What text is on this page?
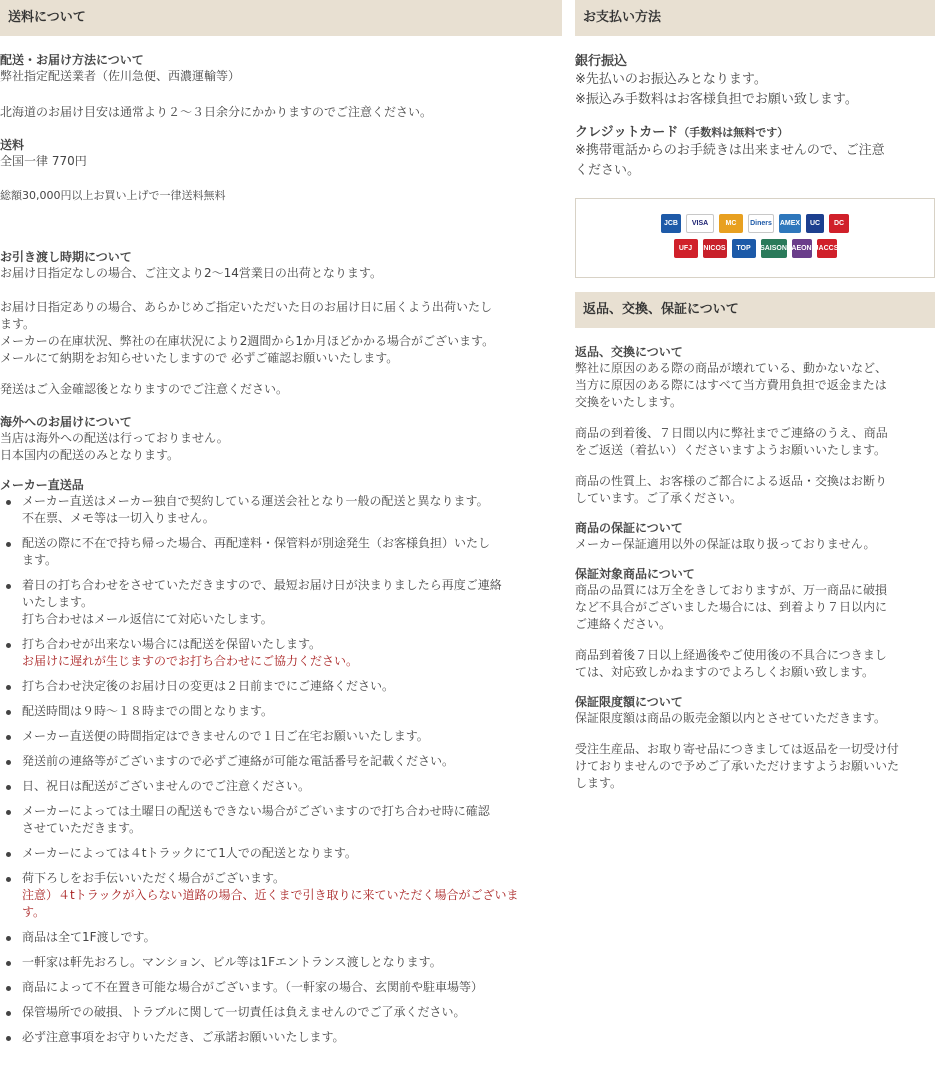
送料について
配送・お届け方法について
弊社指定配送業者（佐川急便、西濃運輸等）
北海道のお届け目安は通常より２〜３日余分にかかりますのでご注意ください。
送料
全国一律 770円
総額30,000円以上お買い上げで一律送料無料
お引き渡し時期について
お届け日指定なしの場合、ご注文より2〜14営業日の出荷となります。
お届け日指定ありの場合、あらかじめご指定いただいた日のお届け日に届くよう出荷いたし
ます。
メーカーの在庫状況、弊社の在庫状況により2週間から1か月ほどかかる場合がございます。
メールにて納期をお知らせいたしますので 必ずご確認お願いいたします。
発送はご入金確認後となりますのでご注意ください。
海外へのお届けについて
当店は海外への配送は行っておりません。
日本国内の配送のみとなります。
メーカー直送品
メーカー直送はメーカー独自で契約している運送会社となり一般の配送と異なります。
不在票、メモ等は一切入りません。
配送の際に不在で持ち帰った場合、再配達料・保管料が別途発生（お客様負担）いたし
ます。
着日の打ち合わせをさせていただきますので、最短お届け日が決まりましたら再度ご連絡
いたします。
打ち合わせはメール返信にて対応いたします。
打ち合わせが出来ない場合には配送を保留いたします。
お届けに遅れが生じますのでお打ち合わせにご協力ください。
打ち合わせ決定後のお届け日の変更は２日前までにご連絡ください。
配送時間は９時〜１８時までの間となります。
メーカー直送便の時間指定はできませんので１日ご在宅お願いいたします。
発送前の連絡等がございますので必ずご連絡が可能な電話番号を記載ください。
日、祝日は配送がございませんのでご注意ください。
メーカーによっては土曜日の配送もできない場合がございますので打ち合わせ時に確認
させていただきます。
メーカーによっては４tトラックにて1人での配送となります。
荷下ろしをお手伝いいただく場合がございます。
注意）４tトラックが入らない道路の場合、近くまで引き取りに来ていただく場合がございま
す。
商品は全て1F渡しです。
一軒家は軒先おろし。マンション、ビル等は1Fエントランス渡しとなります。
商品によって不在置き可能な場合がございます。（一軒家の場合、玄関前や駐車場等）
保管場所での破損、トラブルに関して一切責任は負えませんのでご了承ください。
必ず注意事項をお守りいただき、ご承諾お願いいたします。
お支払い方法
銀行振込
※先払いのお振込みとなります。
※振込み手数料はお客様負担でお願い致します。
クレジットカード（手数料は無料です）
※携帯電話からのお手続きは出来ませんので、ご注意
ください。
JCB	VISA	MC	Diners	AMEX	UC	DC
UFJ	NICOS	TOP	SAISON AEON JACCS
返品、交換、保証について
返品、交換について
弊社に原因のある際の商品が壊れている、動かないなど、
当方に原因のある際にはすべて当方費用負担で返金または
交換をいたします。
商品の到着後、７日間以内に弊社までご連絡のうえ、商品
をご返送（着払い）くださいますようお願いいたします。
商品の性質上、お客様のご都合による返品・交換はお断り
しています。ご了承ください。
商品の保証について
メーカー保証適用以外の保証は取り扱っておりません。
保証対象商品について
商品の品質には万全をきしておりますが、万一商品に破損
など不具合がございました場合には、到着より７日以内に
ご連絡ください。
商品到着後７日以上経過後やご使用後の不具合につきまし
ては、対応致しかねますのでよろしくお願い致します。
保証限度額について
保証限度額は商品の販売金額以内とさせていただきます。
受注生産品、お取り寄せ品につきましては返品を一切受け付
けておりませんので予めご了承いただけますようお願いいた
します。
